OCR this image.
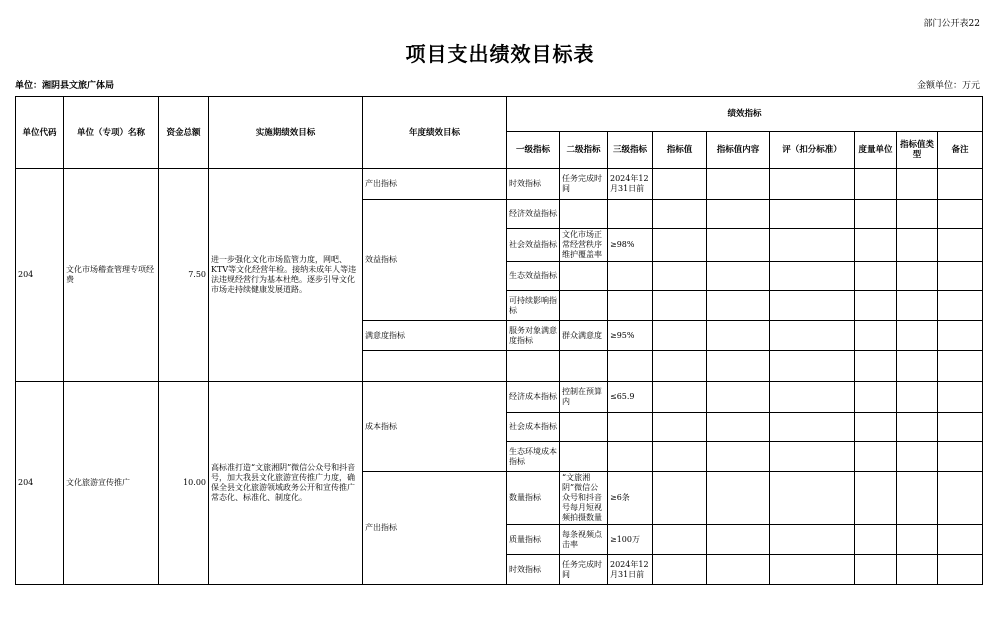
部门公开表22
项目支出绩效目标表
单位：湘阴县文旅广体局	金额单位：万元
单位代码	单位（专项）名称	资金总额	实施期绩效目标	年度绩效目标	绩效指标								
					一级指标	二级指标	三级指标	指标值	指标值内容	评（扣分标准）	度量单位	指标值类型	备注
204	文化市场稽查管理专项经费	7.50	进一步强化文化市场监管力度，网吧、KTV等文化经营年检。接纳未成年人等违法违规经营行为基本杜绝。逐步引导文化市场走持续健康发展道路。	产出指标	时效指标	任务完成时间	2024年12月31日前						

				效益指标	经济效益指标								

					社会效益指标	文化市场正常经营秩序维护覆盖率	≥98%						

					生态效益指标								

					可持续影响指标								

				满意度指标	服务对象满意度指标	群众满意度	≥95%						

204	文化旅游宣传推广	10.00	高标准打造“文旅湘阴”微信公众号和抖音号，加大我县文化旅游宣传推广力度，确保全县文化旅游领域政务公开和宣传推广常态化、标准化、制度化。	成本指标	经济成本指标	控制在预算内	≤65.9						

					社会成本指标								

					生态环境成本指标								

				产出指标	数量指标	“文旅湘阴”微信公众号和抖音号每月短视频拍摄数量	≥6条						
					质量指标	每条视频点击率	≥100万						
					时效指标	任务完成时间	2024年12月31日前						
